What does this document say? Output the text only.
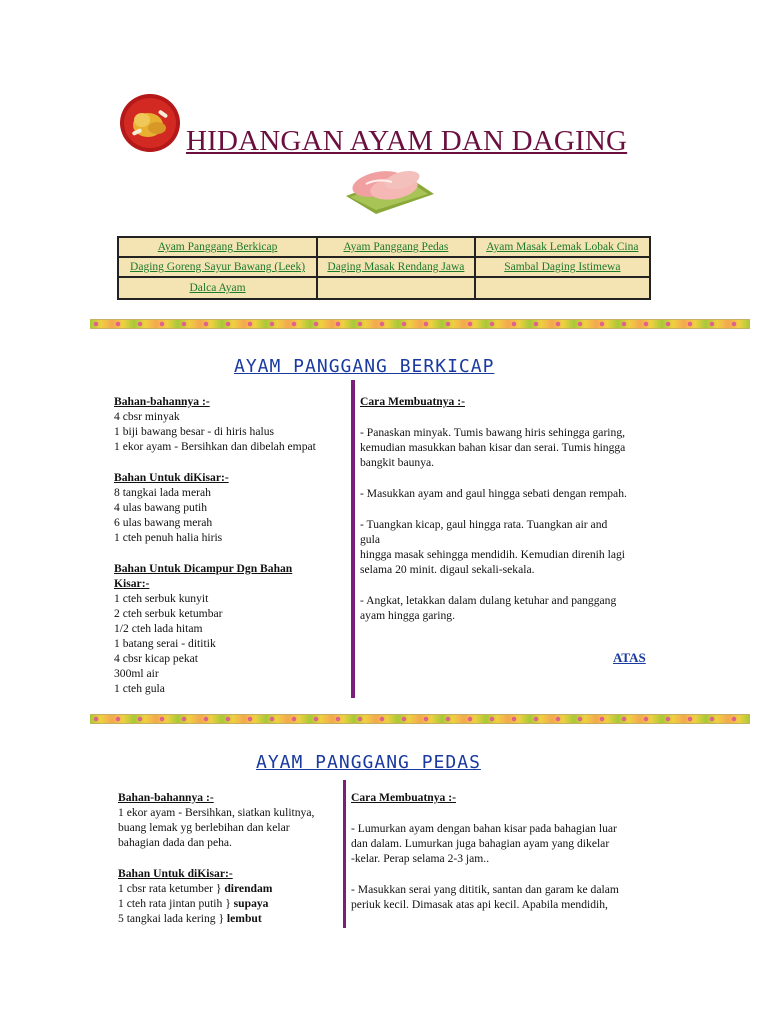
HIDANGAN AYAM DAN DAGING
Ayam Panggang Berkicap	Ayam Panggang Pedas	Ayam Masak Lemak Lobak Cina
Daging Goreng Sayur Bawang (Leek)	Daging Masak Rendang Jawa	Sambal Daging Istimewa
Dalca Ayam		
AYAM PANGGANG BERKICAP

Bahan-bahannya :-

4 cbsr minyak

1 biji bawang besar - di hiris halus

1 ekor ayam - Bersihkan dan dibelah empat

Bahan Untuk diKisar:-

8 tangkai lada merah

4 ulas bawang putih

6 ulas bawang merah

1 cteh penuh halia hiris

Bahan Untuk Dicampur Dgn Bahan

Kisar:-

1 cteh serbuk kunyit

2 cteh serbuk ketumbar

1/2 cteh lada hitam

1 batang serai - dititik

4 cbsr kicap pekat

300ml air

1 cteh gula

Cara Membuatnya :-

- Panaskan minyak. Tumis bawang hiris sehingga garing,

kemudian masukkan bahan kisar dan serai. Tumis hingga

bangkit baunya.

- Masukkan ayam and gaul hingga sebati dengan rempah.

- Tuangkan kicap, gaul hingga rata. Tuangkan air and

gula

hingga masak sehingga mendidih. Kemudian direnih lagi

selama 20 minit. digaul sekali-sekala.

- Angkat, letakkan dalam dulang ketuhar and panggang

ayam hingga garing.

ATAS
AYAM PANGGANG PEDAS

Bahan-bahannya :-

1 ekor ayam - Bersihkan, siatkan kulitnya,

buang lemak yg berlebihan dan kelar

bahagian dada dan peha.

Bahan Untuk diKisar:-

1 cbsr rata ketumber } direndam

1 cteh rata jintan putih } supaya

5 tangkai lada kering } lembut

Cara Membuatnya :-

- Lumurkan ayam dengan bahan kisar pada bahagian luar

dan dalam. Lumurkan juga bahagian ayam yang dikelar

-kelar. Perap selama 2-3 jam..

- Masukkan serai yang dititik, santan dan garam ke dalam

periuk kecil. Dimasak atas api kecil. Apabila mendidih,
